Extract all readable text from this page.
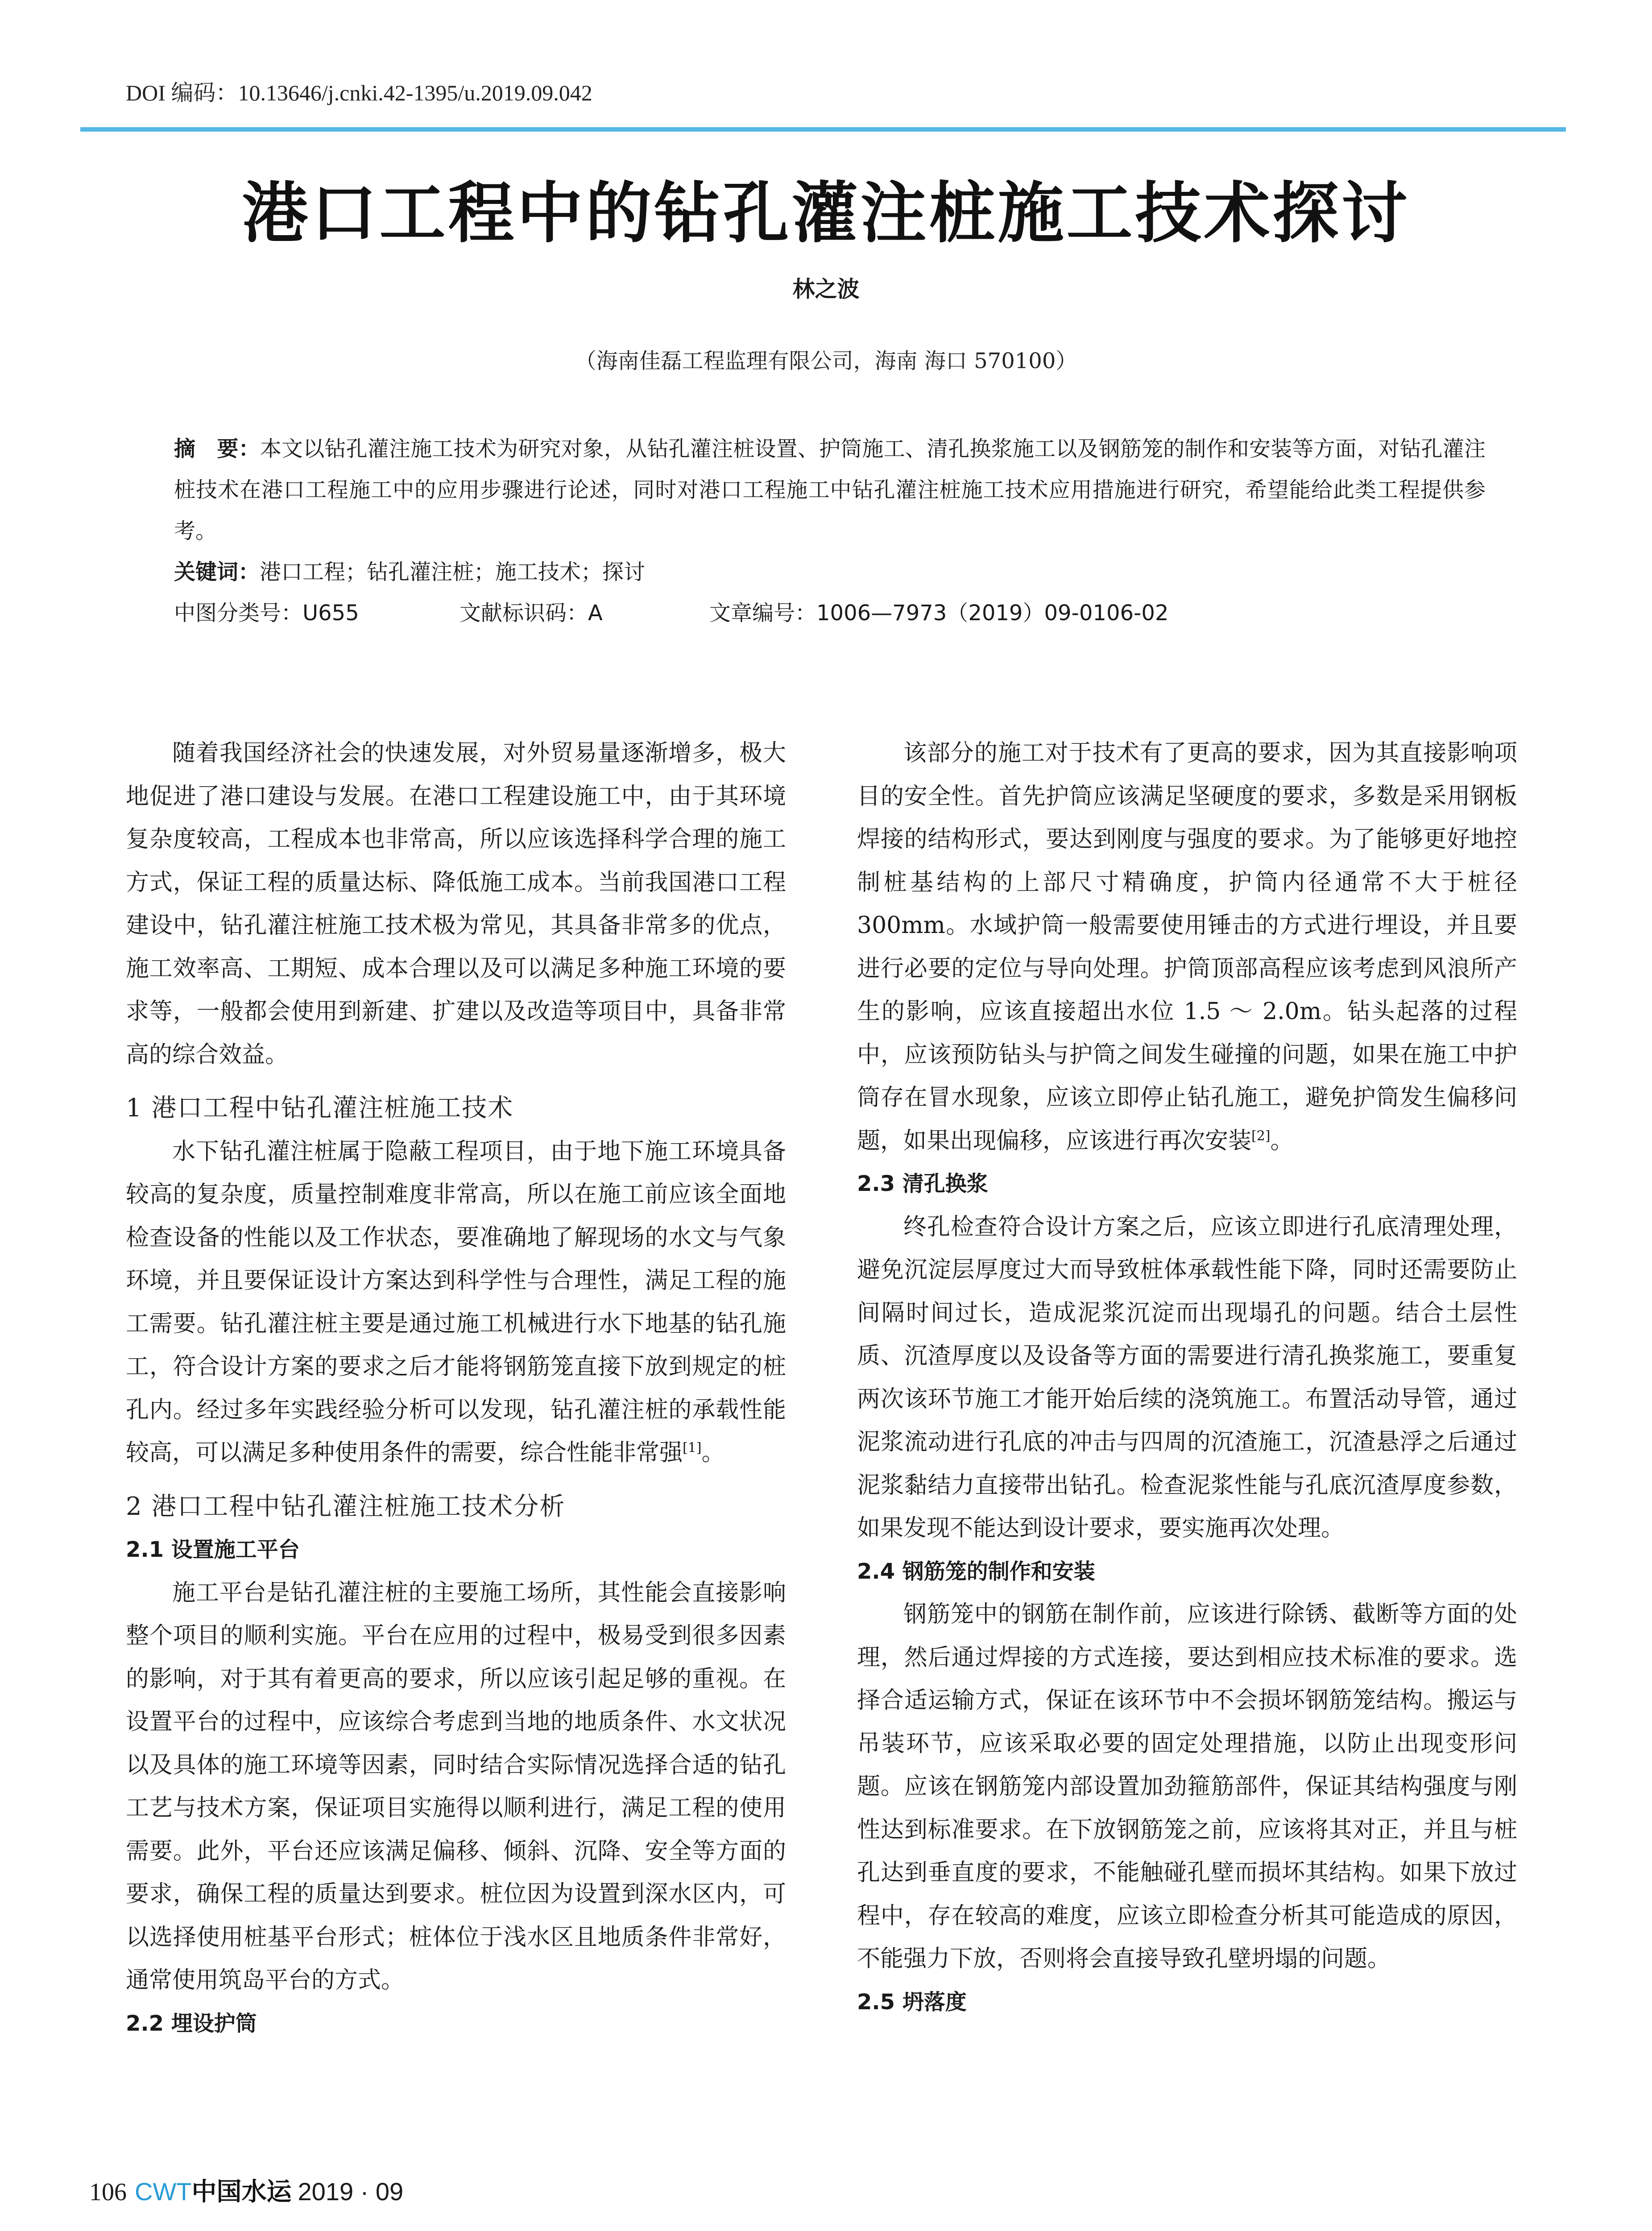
DOI 编码：10.13646/j.cnki.42-1395/u.2019.09.042
港口工程中的钻孔灌注桩施工技术探讨
林之波
（海南佳磊工程监理有限公司，海南 海口 570100）
摘　要：本文以钻孔灌注施工技术为研究对象，从钻孔灌注桩设置、护筒施工、清孔换浆施工以及钢筋笼的制作和安装等方面，对钻孔灌注桩技术在港口工程施工中的应用步骤进行论述，同时对港口工程施工中钻孔灌注桩施工技术应用措施进行研究，希望能给此类工程提供参考。
关键词：港口工程；钻孔灌注桩；施工技术；探讨
中图分类号：U655	文献标识码：A	文章编号：1006—7973（2019）09-0106-02

随着我国经济社会的快速发展，对外贸易量逐渐增多，极大地促进了港口建设与发展。在港口工程建设施工中，由于其环境复杂度较高，工程成本也非常高，所以应该选择科学合理的施工方式，保证工程的质量达标、降低施工成本。当前我国港口工程建设中，钻孔灌注桩施工技术极为常见，其具备非常多的优点，施工效率高、工期短、成本合理以及可以满足多种施工环境的要求等，一般都会使用到新建、扩建以及改造等项目中，具备非常高的综合效益。

1 港口工程中钻孔灌注桩施工技术

水下钻孔灌注桩属于隐蔽工程项目，由于地下施工环境具备较高的复杂度，质量控制难度非常高，所以在施工前应该全面地检查设备的性能以及工作状态，要准确地了解现场的水文与气象环境，并且要保证设计方案达到科学性与合理性，满足工程的施工需要。钻孔灌注桩主要是通过施工机械进行水下地基的钻孔施工，符合设计方案的要求之后才能将钢筋笼直接下放到规定的桩孔内。经过多年实践经验分析可以发现，钻孔灌注桩的承载性能较高，可以满足多种使用条件的需要，综合性能非常强[1]。

2 港口工程中钻孔灌注桩施工技术分析
2.1 设置施工平台

施工平台是钻孔灌注桩的主要施工场所，其性能会直接影响整个项目的顺利实施。平台在应用的过程中，极易受到很多因素的影响，对于其有着更高的要求，所以应该引起足够的重视。在设置平台的过程中，应该综合考虑到当地的地质条件、水文状况以及具体的施工环境等因素，同时结合实际情况选择合适的钻孔工艺与技术方案，保证项目实施得以顺利进行，满足工程的使用需要。此外，平台还应该满足偏移、倾斜、沉降、安全等方面的要求，确保工程的质量达到要求。桩位因为设置到深水区内，可以选择使用桩基平台形式；桩体位于浅水区且地质条件非常好，通常使用筑岛平台的方式。

2.2 埋设护筒

该部分的施工对于技术有了更高的要求，因为其直接影响项目的安全性。首先护筒应该满足坚硬度的要求，多数是采用钢板焊接的结构形式，要达到刚度与强度的要求。为了能够更好地控制桩基结构的上部尺寸精确度，护筒内径通常不大于桩径 300mm。水域护筒一般需要使用锤击的方式进行埋设，并且要进行必要的定位与导向处理。护筒顶部高程应该考虑到风浪所产生的影响，应该直接超出水位 1.5 ～ 2.0m。钻头起落的过程中，应该预防钻头与护筒之间发生碰撞的问题，如果在施工中护筒存在冒水现象，应该立即停止钻孔施工，避免护筒发生偏移问题，如果出现偏移，应该进行再次安装[2]。

2.3 清孔换浆

终孔检查符合设计方案之后，应该立即进行孔底清理处理，避免沉淀层厚度过大而导致桩体承载性能下降，同时还需要防止间隔时间过长，造成泥浆沉淀而出现塌孔的问题。结合土层性质、沉渣厚度以及设备等方面的需要进行清孔换浆施工，要重复两次该环节施工才能开始后续的浇筑施工。布置活动导管，通过泥浆流动进行孔底的冲击与四周的沉渣施工，沉渣悬浮之后通过泥浆黏结力直接带出钻孔。检查泥浆性能与孔底沉渣厚度参数，如果发现不能达到设计要求，要实施再次处理。

2.4 钢筋笼的制作和安装

钢筋笼中的钢筋在制作前，应该进行除锈、截断等方面的处理，然后通过焊接的方式连接，要达到相应技术标准的要求。选择合适运输方式，保证在该环节中不会损坏钢筋笼结构。搬运与吊装环节，应该采取必要的固定处理措施，以防止出现变形问题。应该在钢筋笼内部设置加劲箍筋部件，保证其结构强度与刚性达到标准要求。在下放钢筋笼之前，应该将其对正，并且与桩孔达到垂直度的要求，不能触碰孔壁而损坏其结构。如果下放过程中，存在较高的难度，应该立即检查分析其可能造成的原因，不能强力下放，否则将会直接导致孔壁坍塌的问题。

2.5 坍落度
106 CWT中国水运 2019 · 09
